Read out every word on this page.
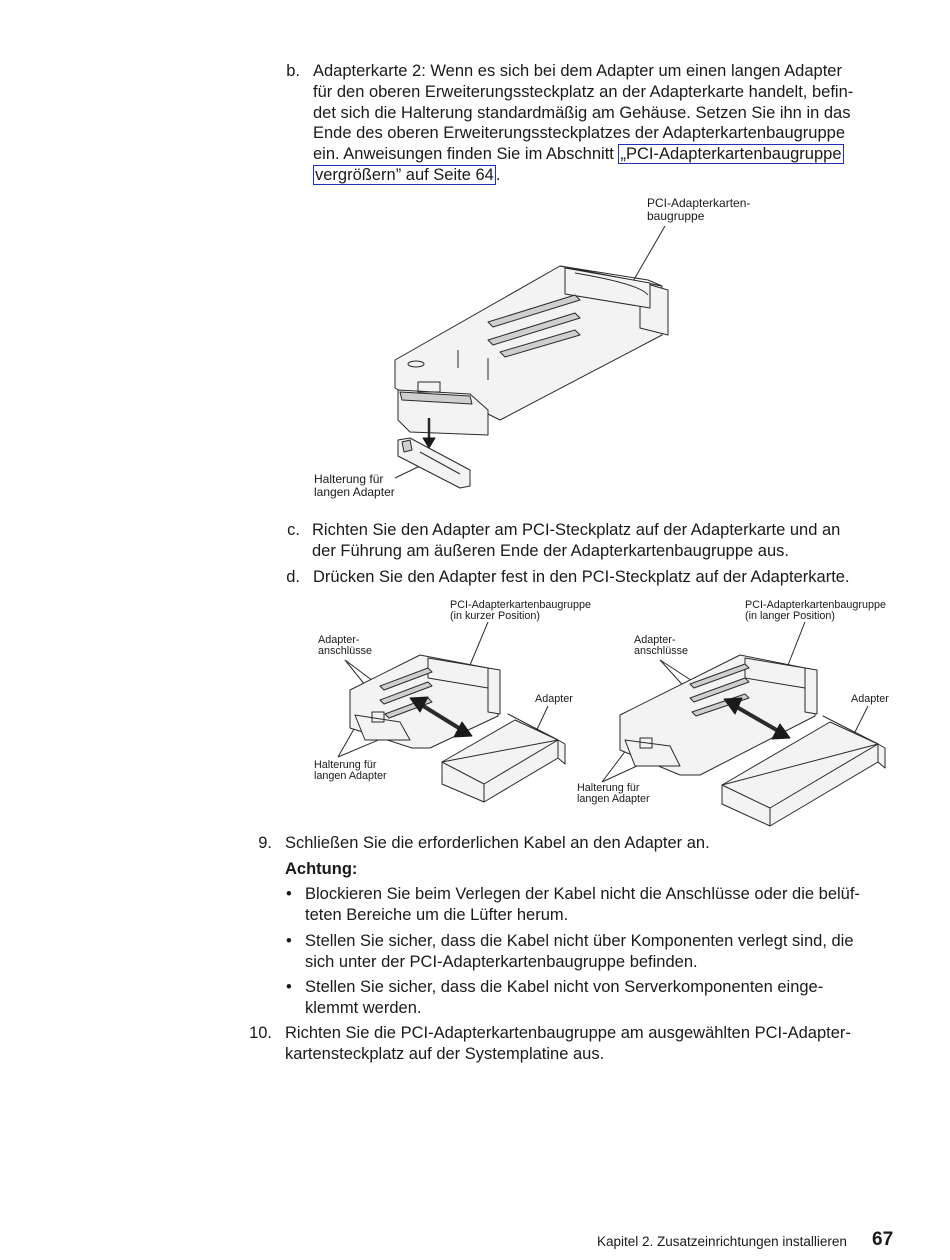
b. Adapterkarte 2: Wenn es sich bei dem Adapter um einen langen Adapter
für den oberen Erweiterungssteckplatz an der Adapterkarte handelt, befin-
det sich die Halterung standardmäßig am Gehäuse. Setzen Sie ihn in das
Ende des oberen Erweiterungssteckplatzes der Adapterkartenbaugruppe
ein. Anweisungen finden Sie im Abschnitt „PCI-Adapterkartenbaugruppe
vergrößern” auf Seite 64 .
PCI-Adapterkarten-
baugruppe
Halterung für
langen Adapter
c. Richten Sie den Adapter am PCI-Steckplatz auf der Adapterkarte und an
der Führung am äußeren Ende der Adapterkartenbaugruppe aus.
d. Drücken Sie den Adapter fest in den PCI-Steckplatz auf der Adapterkarte.
PCI-Adapterkartenbaugruppe
(in kurzer Position)
Adapter-
anschlüsse
Adapter
Halterung für
langen Adapter
PCI-Adapterkartenbaugruppe
(in langer Position)
Adapter-
anschlüsse
Adapter
Halterung für
langen Adapter
9. Schließen Sie die erforderlichen Kabel an den Adapter an.
Achtung:
• Blockieren Sie beim Verlegen der Kabel nicht die Anschlüsse oder die belüf-
teten Bereiche um die Lüfter herum.
• Stellen Sie sicher, dass die Kabel nicht über Komponenten verlegt sind, die
sich unter der PCI-Adapterkartenbaugruppe befinden.
• Stellen Sie sicher, dass die Kabel nicht von Serverkomponenten einge-
klemmt werden.
10. Richten Sie die PCI-Adapterkartenbaugruppe am ausgewählten PCI-Adapter-
kartensteckplatz auf der Systemplatine aus.
Kapitel 2. Zusatzeinrichtungen installieren 67
